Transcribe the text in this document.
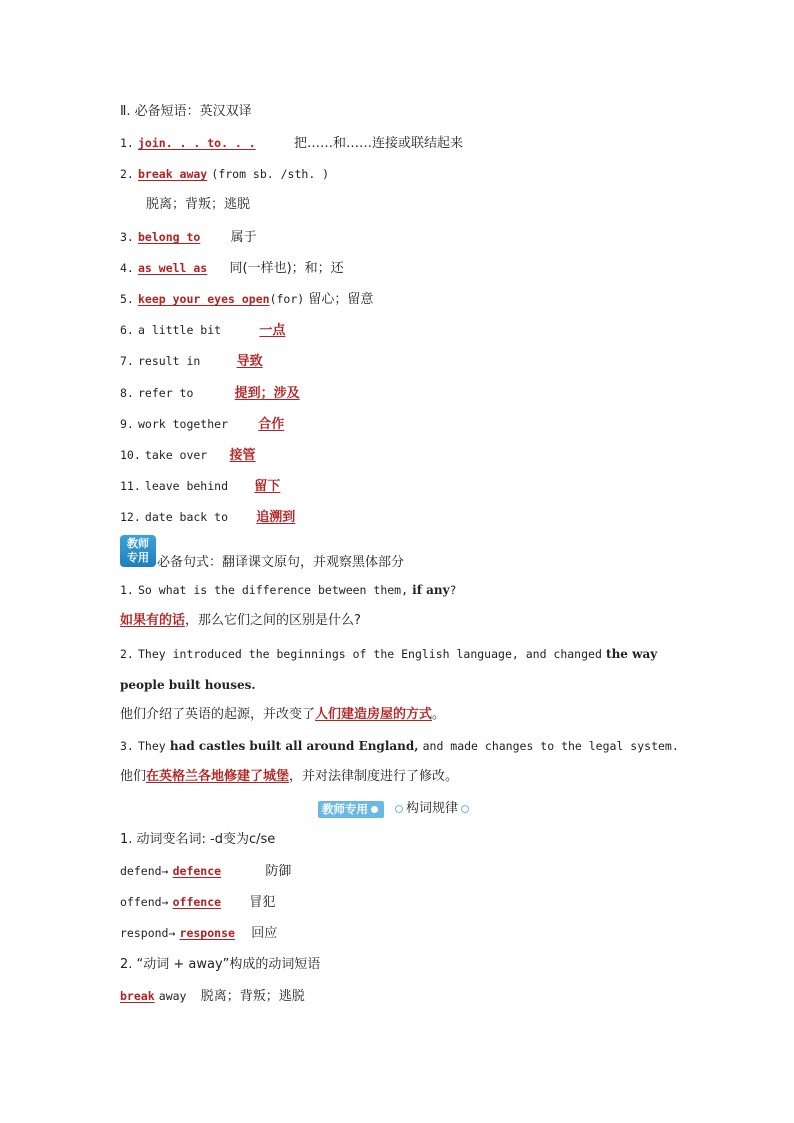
Ⅱ. 必备短语：英汉双译
1. join. . . to. . .	把……和……连接或联结起来
2. break away (from sb. /sth. )
脱离；背叛；逃脱
3. belong to 属于
4. as well as 同(一样也)；和；还
5. keep your eyes open(for) 留心；留意
6. a little bit	一点
7. result in	导致
8. refer to	提到；涉及
9. work together 合作
10. take over 接管
11. leave behind 留下
12. date back to 追溯到
教师
专用 必备句式：翻译课文原句，并观察黑体部分
1. So what is the difference between them, if any?
如果有的话，那么它们之间的区别是什么?
2. They introduced the beginnings of the English language, and changed the way
people built houses.
他们介绍了英语的起源，并改变了人们建造房屋的方式。
3. They had castles built all around England, and made changes to the legal system.
他们在英格兰各地修建了城堡，并对法律制度进行了修改。
教师专用	构词规律
1. 动词变名词: -d变为c/se
defend→ defence	防御
offend→ offence 冒犯
respond→ response 回应
2. “动词 + away”构成的动词短语
break away 脱离；背叛；逃脱
